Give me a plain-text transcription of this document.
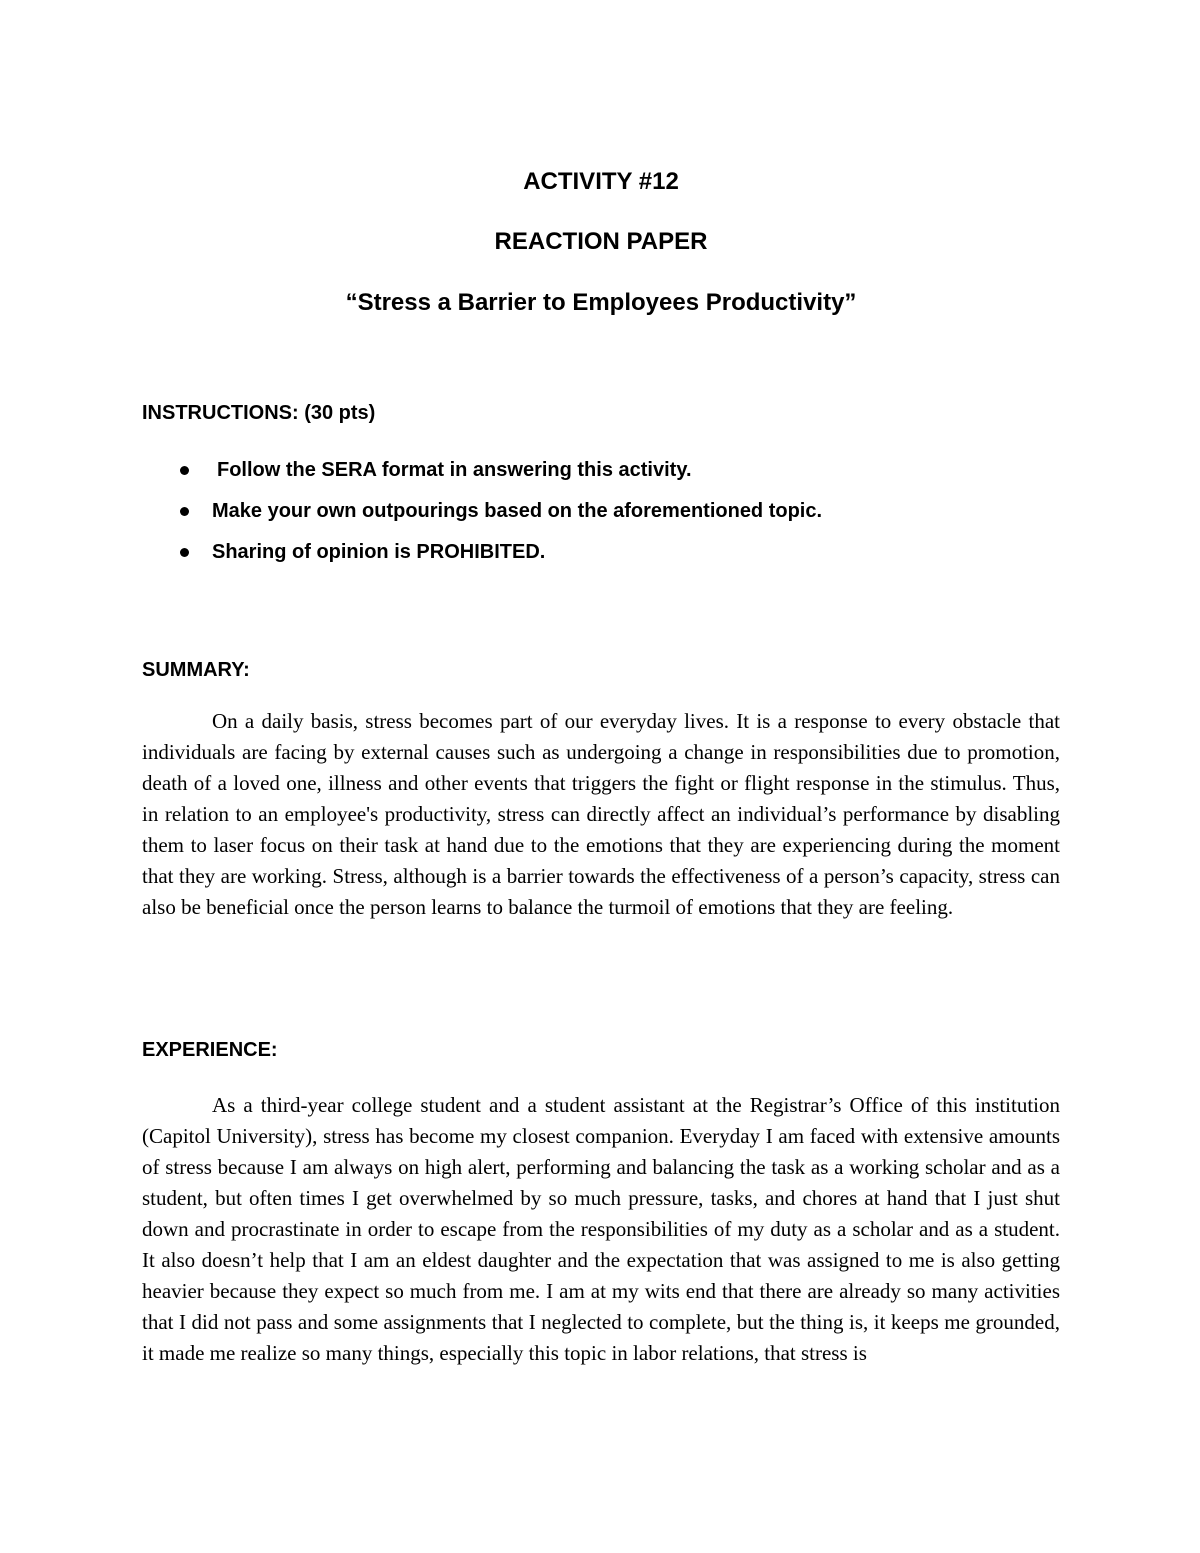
ACTIVITY #12
REACTION PAPER
“Stress a Barrier to Employees Productivity”

INSTRUCTIONS: (30 pts)

Follow the SERA format in answering this activity.
Make your own outpourings based on the aforementioned topic.
Sharing of opinion is PROHIBITED.

SUMMARY:

On a daily basis, stress becomes part of our everyday lives. It is a response to every obstacle that individuals are facing by external causes such as undergoing a change in responsibilities due to promotion, death of a loved one, illness and other events that triggers the fight or flight response in the stimulus. Thus, in relation to an employee's productivity, stress can directly affect an individual’s performance by disabling them to laser focus on their task at hand due to the emotions that they are experiencing during the moment that they are working. Stress, although is a barrier towards the effectiveness of a person’s capacity, stress can also be beneficial once the person learns to balance the turmoil of emotions that they are feeling.

EXPERIENCE:

As a third-year college student and a student assistant at the Registrar’s Office of this institution (Capitol University), stress has become my closest companion. Everyday I am faced with extensive amounts of stress because I am always on high alert, performing and balancing the task as a working scholar and as a student, but often times I get overwhelmed by so much pressure, tasks, and chores at hand that I just shut down and procrastinate in order to escape from the responsibilities of my duty as a scholar and as a student. It also doesn’t help that I am an eldest daughter and the expectation that was assigned to me is also getting heavier because they expect so much from me. I am at my wits end that there are already so many activities that I did not pass and some assignments that I neglected to complete, but the thing is, it keeps me grounded, it made me realize so many things, especially this topic in labor relations, that stress is
